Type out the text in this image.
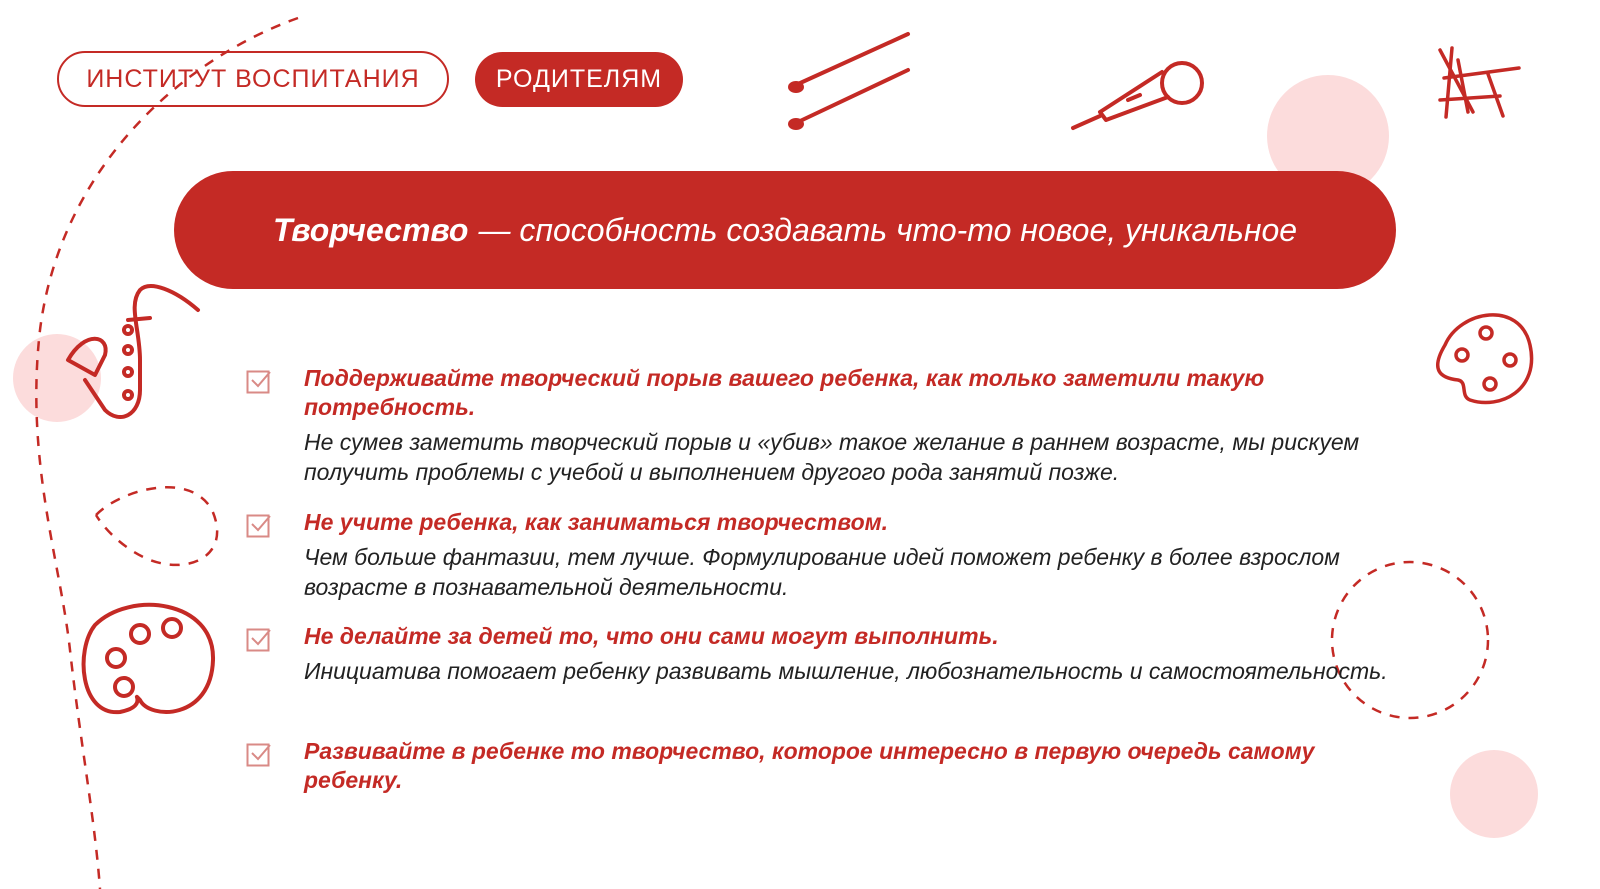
ИНСТИТУТ ВОСПИТАНИЯ	РОДИТЕЛЯМ
Творчество — способность создавать что-то новое, уникальное
Поддерживайте творческий порыв вашего ребенка, как только заметили такую потребность.
Не сумев заметить творческий порыв и «убив» такое желание в раннем возрасте, мы рискуем получить проблемы с учебой и выполнением другого рода занятий позже.
Не учите ребенка, как заниматься творчеством.
Чем больше фантазии, тем лучше. Формулирование идей поможет ребенку в более взрослом возрасте в познавательной деятельности.
Не делайте за детей то, что они сами могут выполнить.
Инициатива помогает ребенку развивать мышление, любознательность и самостоятельность.
Развивайте в ребенке то творчество, которое интересно в первую очередь самому ребенку.
